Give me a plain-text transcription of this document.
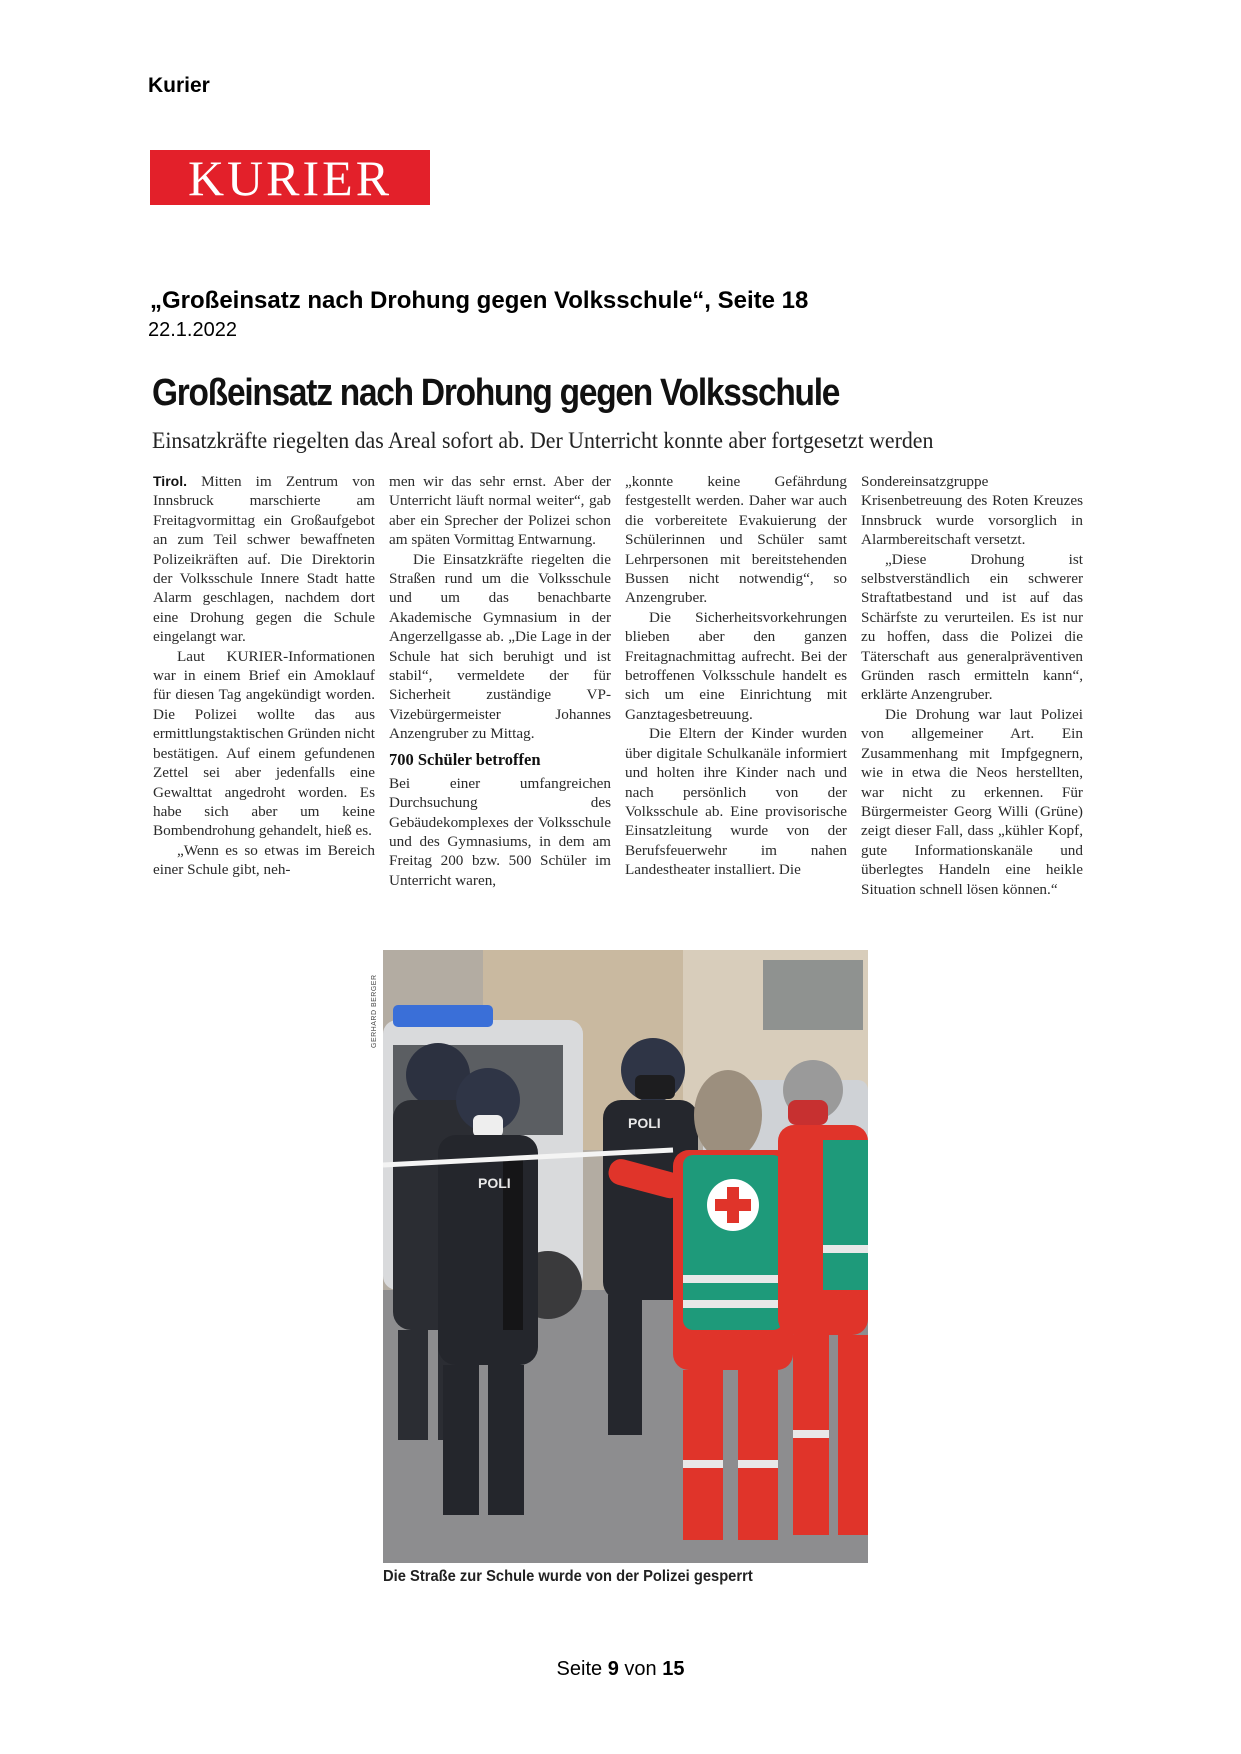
Kurier
KURIER
„Großeinsatz nach Drohung gegen Volksschule“, Seite 18
22.1.2022
Großeinsatz nach Drohung gegen Volksschule
Einsatzkräfte riegelten das Areal sofort ab. Der Unterricht konnte aber fortgesetzt werden

Tirol. Mitten im Zentrum von Innsbruck marschierte am Freitagvormittag ein Großaufgebot an zum Teil schwer bewaffneten Polizeikräften auf. Die Direktorin der Volksschule Innere Stadt hatte Alarm geschlagen, nachdem dort eine Drohung gegen die Schule eingelangt war.

Laut KURIER-Informationen war in einem Brief ein Amoklauf für diesen Tag angekündigt worden. Die Polizei wollte das aus ermittlungstaktischen Gründen nicht bestätigen. Auf einem gefundenen Zettel sei aber jedenfalls eine Gewalttat angedroht worden. Es habe sich aber um keine Bombendrohung gehandelt, hieß es.

„Wenn es so etwas im Bereich einer Schule gibt, neh-

men wir das sehr ernst. Aber der Unterricht läuft normal weiter“, gab aber ein Sprecher der Polizei schon am späten Vormittag Entwarnung.

Die Einsatzkräfte riegelten die Straßen rund um die Volksschule und um das benachbarte Akademische Gymnasium in der Angerzellgasse ab. „Die Lage in der Schule hat sich beruhigt und ist stabil“, vermeldete der für Sicherheit zuständige VP-Vizebürgermeister Johannes Anzengruber zu Mittag.

700 Schüler betroffen

Bei einer umfangreichen Durchsuchung des Gebäudekomplexes der Volksschule und des Gymnasiums, in dem am Freitag 200 bzw. 500 Schüler im Unterricht waren,

„konnte keine Gefährdung festgestellt werden. Daher war auch die vorbereitete Evakuierung der Schülerinnen und Schüler samt Lehrpersonen mit bereitstehenden Bussen nicht notwendig“, so Anzengruber.

Die Sicherheitsvorkehrungen blieben aber den ganzen Freitagnachmittag aufrecht. Bei der betroffenen Volksschule handelt es sich um eine Einrichtung mit Ganztagesbetreuung.

Die Eltern der Kinder wurden über digitale Schulkanäle informiert und holten ihre Kinder nach und nach persönlich von der Volksschule ab. Eine provisorische Einsatzleitung wurde von der Berufsfeuerwehr im nahen Landestheater installiert. Die

Sondereinsatzgruppe Krisenbetreuung des Roten Kreuzes Innsbruck wurde vorsorglich in Alarmbereitschaft versetzt.

„Diese Drohung ist selbstverständlich ein schwerer Straftatbestand und ist auf das Schärfste zu verurteilen. Es ist nur zu hoffen, dass die Polizei die Täterschaft aus generalpräventiven Gründen rasch ermitteln kann“, erklärte Anzengruber.

Die Drohung war laut Polizei von allgemeiner Art. Ein Zusammenhang mit Impfgegnern, wie in etwa die Neos herstellten, war nicht zu erkennen. Für Bürgermeister Georg Willi (Grüne) zeigt dieser Fall, dass „kühler Kopf, gute Informationskanäle und überlegtes Handeln eine heikle Situation schnell lösen können.“

GERHARD BERGER
POLI
POLI
Die Straße zur Schule wurde von der Polizei gesperrt
Seite 9 von 15
